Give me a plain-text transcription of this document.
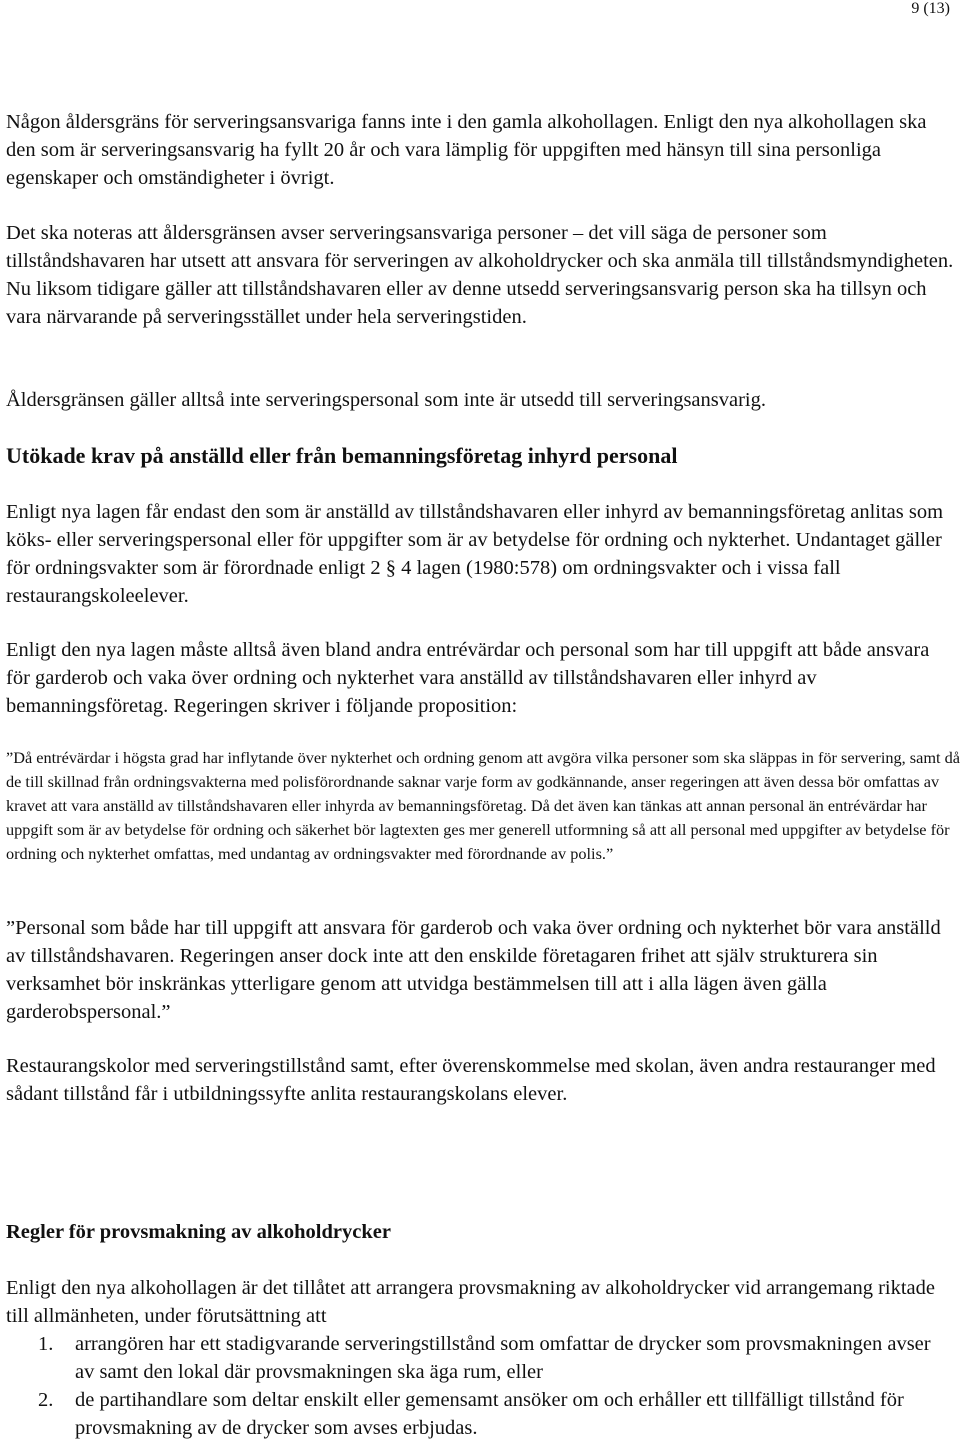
9 (13)

Någon åldersgräns för serveringsansvariga fanns inte i den gamla alkohollagen. Enligt den nya alkohollagen ska den som är serveringsansvarig ha fyllt 20 år och vara lämplig för uppgiften med hänsyn till sina personliga egenskaper och omständigheter i övrigt.

Det ska noteras att åldersgränsen avser serveringsansvariga personer – det vill säga de personer som tillståndshavaren har utsett att ansvara för serveringen av alkoholdrycker och ska anmäla till tillståndsmyndigheten. Nu liksom tidigare gäller att tillståndshavaren eller av denne utsedd serveringsansvarig person ska ha tillsyn och vara närvarande på serveringsstället under hela serveringstiden.

Åldersgränsen gäller alltså inte serveringspersonal som inte är utsedd till serveringsansvarig.

Utökade krav på anställd eller från bemanningsföretag inhyrd personal

Enligt nya lagen får endast den som är anställd av tillståndshavaren eller inhyrd av bemanningsföretag anlitas som köks- eller serveringspersonal eller för uppgifter som är av betydelse för ordning och nykterhet. Undantaget gäller för ordningsvakter som är förordnade enligt 2 § 4 lagen (1980:578) om ordningsvakter och i vissa fall restaurangskoleelever.

Enligt den nya lagen måste alltså även bland andra entrévärdar och personal som har till uppgift att både ansvara för garderob och vaka över ordning och nykterhet vara anställd av tillståndshavaren eller inhyrd av bemanningsföretag. Regeringen skriver i följande proposition:

”Då entrévärdar i högsta grad har inflytande över nykterhet och ordning genom att avgöra vilka personer som ska släppas in för servering, samt då de till skillnad från ordningsvakterna med polisförordnande saknar varje form av godkännande, anser regeringen att även dessa bör omfattas av kravet att vara anställd av tillståndshavaren eller inhyrda av bemanningsföretag. Då det även kan tänkas att annan personal än entrévärdar har uppgift som är av betydelse för ordning och säkerhet bör lagtexten ges mer generell utformning så att all personal med uppgifter av betydelse för ordning och nykterhet omfattas, med undantag av ordningsvakter med förordnande av polis.”

”Personal som både har till uppgift att ansvara för garderob och vaka över ordning och nykterhet bör vara anställd av tillståndshavaren. Regeringen anser dock inte att den enskilde företagaren frihet att själv strukturera sin verksamhet bör inskränkas ytterligare genom att utvidga bestämmelsen till att i alla lägen även gälla garderobspersonal.”

Restaurangskolor med serveringstillstånd samt, efter överenskommelse med skolan, även andra restauranger med sådant tillstånd får i utbildningssyfte anlita restaurangskolans elever.

Regler för provsmakning av alkoholdrycker

Enligt den nya alkohollagen är det tillåtet att arrangera provsmakning av alkoholdrycker vid arrangemang riktade till allmänheten, under förutsättning att

1. arrangören har ett stadigvarande serveringstillstånd som omfattar de drycker som provsmakningen avser av samt den lokal där provsmakningen ska äga rum, eller

2. de partihandlare som deltar enskilt eller gemensamt ansöker om och erhåller ett tillfälligt tillstånd för provsmakning av de drycker som avses erbjudas.
